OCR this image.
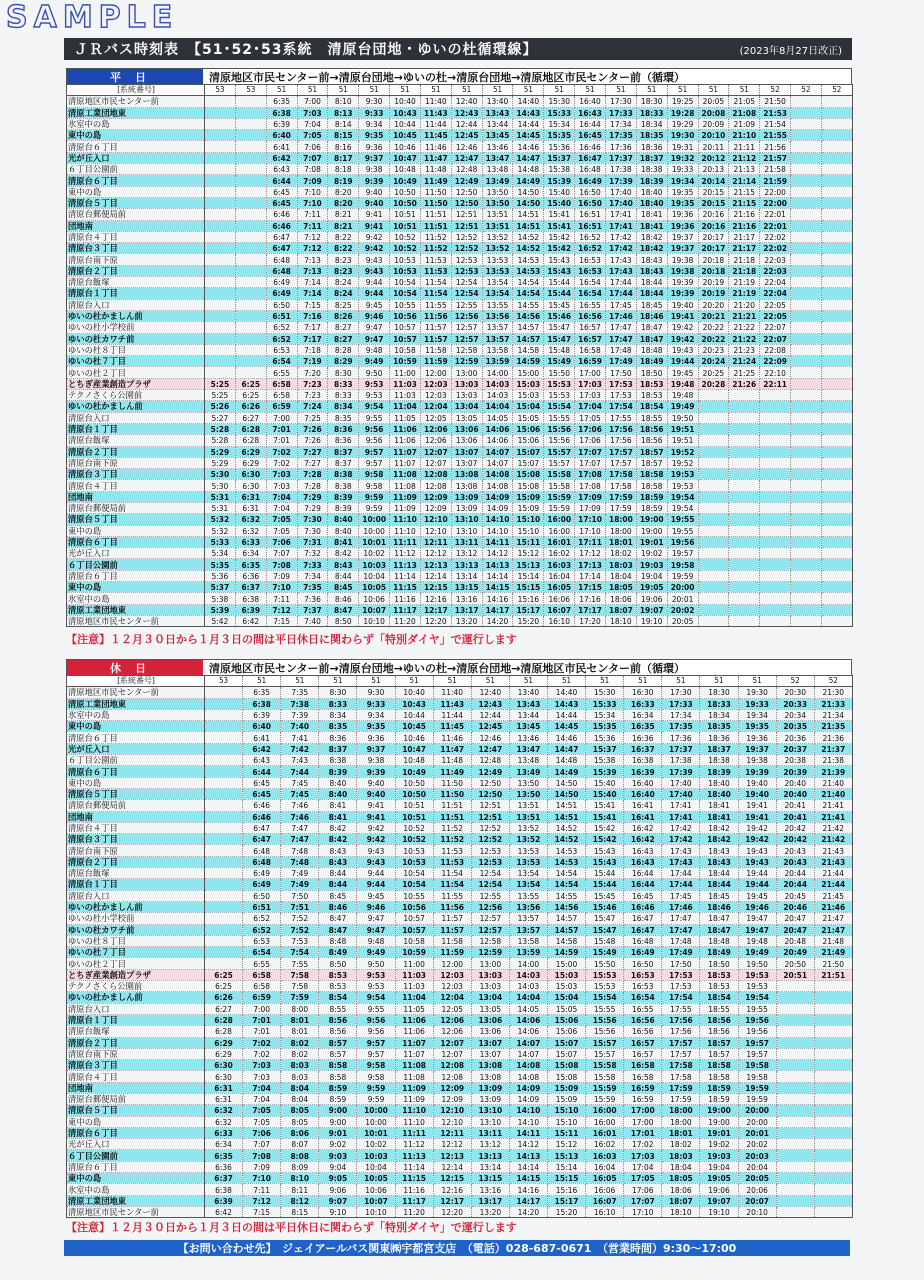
SAMPLE
ＪＲバス時刻表　【51･52･53系統　清原台団地・ゆいの杜循環線】	(2023年8月27日改正)
平日	清原地区市民センター前→清原台団地→ゆいの杜→清原台団地→清原地区市民センター前（循環）
[系統番号]	53	53	51	51	51	51	51	51	51	51	51	51	51	51	51	51	51	51	52	52	52
清原地区市民センター前			6:35	7:00	8:10	9:30	10:40	11:40	12:40	13:40	14:40	15:30	16:40	17:30	18:30	19:25	20:05	21:05	21:50		
清原工業団地東			6:38	7:03	8:13	9:33	10:43	11:43	12:43	13:43	14:43	15:33	16:43	17:33	18:33	19:28	20:08	21:08	21:53		
氷室中の島			6:39	7:04	8:14	9:34	10:44	11:44	12:44	13:44	14:44	15:34	16:44	17:34	18:34	19:29	20:09	21:09	21:54		
東中の島			6:40	7:05	8:15	9:35	10:45	11:45	12:45	13:45	14:45	15:35	16:45	17:35	18:35	19:30	20:10	21:10	21:55		
清原台６丁目			6:41	7:06	8:16	9:36	10:46	11:46	12:46	13:46	14:46	15:36	16:46	17:36	18:36	19:31	20:11	21:11	21:56		
光が丘入口			6:42	7:07	8:17	9:37	10:47	11:47	12:47	13:47	14:47	15:37	16:47	17:37	18:37	19:32	20:12	21:12	21:57		
６丁目公園前			6:43	7:08	8:18	9:38	10:48	11:48	12:48	13:48	14:48	15:38	16:48	17:38	18:38	19:33	20:13	21:13	21:58		
清原台６丁目			6:44	7:09	8:19	9:39	10:49	11:49	12:49	13:49	14:49	15:39	16:49	17:39	18:39	19:34	20:14	21:14	21:59		
東中の島			6:45	7:10	8:20	9:40	10:50	11:50	12:50	13:50	14:50	15:40	16:50	17:40	18:40	19:35	20:15	21:15	22:00		
清原台５丁目			6:45	7:10	8:20	9:40	10:50	11:50	12:50	13:50	14:50	15:40	16:50	17:40	18:40	19:35	20:15	21:15	22:00		
清原台郵便局前			6:46	7:11	8:21	9:41	10:51	11:51	12:51	13:51	14:51	15:41	16:51	17:41	18:41	19:36	20:16	21:16	22:01		
団地南			6:46	7:11	8:21	9:41	10:51	11:51	12:51	13:51	14:51	15:41	16:51	17:41	18:41	19:36	20:16	21:16	22:01		
清原台４丁目			6:47	7:12	8:22	9:42	10:52	11:52	12:52	13:52	14:52	15:42	16:52	17:42	18:42	19:37	20:17	21:17	22:02		
清原台３丁目			6:47	7:12	8:22	9:42	10:52	11:52	12:52	13:52	14:52	15:42	16:52	17:42	18:42	19:37	20:17	21:17	22:02		
清原台南下原			6:48	7:13	8:23	9:43	10:53	11:53	12:53	13:53	14:53	15:43	16:53	17:43	18:43	19:38	20:18	21:18	22:03		
清原台２丁目			6:48	7:13	8:23	9:43	10:53	11:53	12:53	13:53	14:53	15:43	16:53	17:43	18:43	19:38	20:18	21:18	22:03		
清原台飯塚			6:49	7:14	8:24	9:44	10:54	11:54	12:54	13:54	14:54	15:44	16:54	17:44	18:44	19:39	20:19	21:19	22:04		
清原台１丁目			6:49	7:14	8:24	9:44	10:54	11:54	12:54	13:54	14:54	15:44	16:54	17:44	18:44	19:39	20:19	21:19	22:04		
清原台入口			6:50	7:15	8:25	9:45	10:55	11:55	12:55	13:55	14:55	15:45	16:55	17:45	18:45	19:40	20:20	21:20	22:05		
ゆいの杜かましん前			6:51	7:16	8:26	9:46	10:56	11:56	12:56	13:56	14:56	15:46	16:56	17:46	18:46	19:41	20:21	21:21	22:05		
ゆいの杜小学校前			6:52	7:17	8:27	9:47	10:57	11:57	12:57	13:57	14:57	15:47	16:57	17:47	18:47	19:42	20:22	21:22	22:07		
ゆいの杜カワチ前			6:52	7:17	8:27	9:47	10:57	11:57	12:57	13:57	14:57	15:47	16:57	17:47	18:47	19:42	20:22	21:22	22:07		
ゆいの杜８丁目			6:53	7:18	8:28	9:48	10:58	11:58	12:58	13:58	14:58	15:48	16:58	17:48	18:48	19:43	20:23	21:23	22:08		
ゆいの杜７丁目			6:54	7:19	8:29	9:49	10:59	11:59	12:59	13:59	14:59	15:49	16:59	17:49	18:49	19:44	20:24	21:24	22:09		
ゆいの杜２丁目			6:55	7:20	8:30	9:50	11:00	12:00	13:00	14:00	15:00	15:50	17:00	17:50	18:50	19:45	20:25	21:25	22:10		
とちぎ産業創造プラザ	5:25	6:25	6:58	7:23	8:33	9:53	11:03	12:03	13:03	14:03	15:03	15:53	17:03	17:53	18:53	19:48	20:28	21:26	22:11		
テクノさくら公園前	5:25	6:25	6:58	7:23	8:33	9:53	11:03	12:03	13:03	14:03	15:03	15:53	17:03	17:53	18:53	19:48					
ゆいの杜かましん前	5:26	6:26	6:59	7:24	8:34	9:54	11:04	12:04	13:04	14:04	15:04	15:54	17:04	17:54	18:54	19:49					
清原台入口	5:27	6:27	7:00	7:25	8:35	9:55	11:05	12:05	13:05	14:05	15:05	15:55	17:05	17:55	18:55	19:50					
清原台１丁目	5:28	6:28	7:01	7:26	8:36	9:56	11:06	12:06	13:06	14:06	15:06	15:56	17:06	17:56	18:56	19:51					
清原台飯塚	5:28	6:28	7:01	7:26	8:36	9:56	11:06	12:06	13:06	14:06	15:06	15:56	17:06	17:56	18:56	19:51					
清原台２丁目	5:29	6:29	7:02	7:27	8:37	9:57	11:07	12:07	13:07	14:07	15:07	15:57	17:07	17:57	18:57	19:52					
清原台南下原	5:29	6:29	7:02	7:27	8:37	9:57	11:07	12:07	13:07	14:07	15:07	15:57	17:07	17:57	18:57	19:52					
清原台３丁目	5:30	6:30	7:03	7:28	8:38	9:58	11:08	12:08	13:08	14:08	15:08	15:58	17:08	17:58	18:58	19:53					
清原台４丁目	5:30	6:30	7:03	7:28	8:38	9:58	11:08	12:08	13:08	14:08	15:08	15:58	17:08	17:58	18:58	19:53					
団地南	5:31	6:31	7:04	7:29	8:39	9:59	11:09	12:09	13:09	14:09	15:09	15:59	17:09	17:59	18:59	19:54					
清原台郵便局前	5:31	6:31	7:04	7:29	8:39	9:59	11:09	12:09	13:09	14:09	15:09	15:59	17:09	17:59	18:59	19:54					
清原台５丁目	5:32	6:32	7:05	7:30	8:40	10:00	11:10	12:10	13:10	14:10	15:10	16:00	17:10	18:00	19:00	19:55					
東中の島	5:32	6:32	7:05	7:30	8:40	10:00	11:10	12:10	13:10	14:10	15:10	16:00	17:10	18:00	19:00	19:55					
清原台６丁目	5:33	6:33	7:06	7:31	8:41	10:01	11:11	12:11	13:11	14:11	15:11	16:01	17:11	18:01	19:01	19:56					
光が丘入口	5:34	6:34	7:07	7:32	8:42	10:02	11:12	12:12	13:12	14:12	15:12	16:02	17:12	18:02	19:02	19:57					
６丁目公園前	5:35	6:35	7:08	7:33	8:43	10:03	11:13	12:13	13:13	14:13	15:13	16:03	17:13	18:03	19:03	19:58					
清原台６丁目	5:36	6:36	7:09	7:34	8:44	10:04	11:14	12:14	13:14	14:14	15:14	16:04	17:14	18:04	19:04	19:59					
東中の島	5:37	6:37	7:10	7:35	8:45	10:05	11:15	12:15	13:15	14:15	15:15	16:05	17:15	18:05	19:05	20:00					
氷室中の島	5:38	6:38	7:11	7:36	8:46	10:06	11:16	12:16	13:16	14:16	15:16	16:06	17:16	18:06	19:06	20:01					
清原工業団地東	5:39	6:39	7:12	7:37	8:47	10:07	11:17	12:17	13:17	14:17	15:17	16:07	17:17	18:07	19:07	20:02					
清原地区市民センター前	5:42	6:42	7:15	7:40	8:50	10:10	11:20	12:20	13:20	14:20	15:20	16:10	17:20	18:10	19:10	20:05					
【注意】１２月３０日から１月３日の間は平日休日に関わらず「特別ダイヤ」で運行します
休日	清原地区市民センター前→清原台団地→ゆいの杜→清原台団地→清原地区市民センター前（循環）
[系統番号]	53	51	51	51	51	51	51	51	51	51	51	51	51	51	51	52	52
清原地区市民センター前		6:35	7:35	8:30	9:30	10:40	11:40	12:40	13:40	14:40	15:30	16:30	17:30	18:30	19:30	20:30	21:30
清原工業団地東		6:38	7:38	8:33	9:33	10:43	11:43	12:43	13:43	14:43	15:33	16:33	17:33	18:33	19:33	20:33	21:33
氷室中の島		6:39	7:39	8:34	9:34	10:44	11:44	12:44	13:44	14:44	15:34	16:34	17:34	18:34	19:34	20:34	21:34
東中の島		6:40	7:40	8:35	9:35	10:45	11:45	12:45	13:45	14:45	15:35	16:35	17:35	18:35	19:35	20:35	21:35
清原台６丁目		6:41	7:41	8:36	9:36	10:46	11:46	12:46	13:46	14:46	15:36	16:36	17:36	18:36	19:36	20:36	21:36
光が丘入口		6:42	7:42	8:37	9:37	10:47	11:47	12:47	13:47	14:47	15:37	16:37	17:37	18:37	19:37	20:37	21:37
６丁目公園前		6:43	7:43	8:38	9:38	10:48	11:48	12:48	13:48	14:48	15:38	16:38	17:38	18:38	19:38	20:38	21:38
清原台６丁目		6:44	7:44	8:39	9:39	10:49	11:49	12:49	13:49	14:49	15:39	16:39	17:39	18:39	19:39	20:39	21:39
東中の島		6:45	7:45	8:40	9:40	10:50	11:50	12:50	13:50	14:50	15:40	16:40	17:40	18:40	19:40	20:40	21:40
清原台５丁目		6:45	7:45	8:40	9:40	10:50	11:50	12:50	13:50	14:50	15:40	16:40	17:40	18:40	19:40	20:40	21:40
清原台郵便局前		6:46	7:46	8:41	9:41	10:51	11:51	12:51	13:51	14:51	15:41	16:41	17:41	18:41	19:41	20:41	21:41
団地南		6:46	7:46	8:41	9:41	10:51	11:51	12:51	13:51	14:51	15:41	16:41	17:41	18:41	19:41	20:41	21:41
清原台４丁目		6:47	7:47	8:42	9:42	10:52	11:52	12:52	13:52	14:52	15:42	16:42	17:42	18:42	19:42	20:42	21:42
清原台３丁目		6:47	7:47	8:42	9:42	10:52	11:52	12:52	13:52	14:52	15:42	16:42	17:42	18:42	19:42	20:42	21:42
清原台南下原		6:48	7:48	8:43	9:43	10:53	11:53	12:53	13:53	14:53	15:43	16:43	17:43	18:43	19:43	20:43	21:43
清原台２丁目		6:48	7:48	8:43	9:43	10:53	11:53	12:53	13:53	14:53	15:43	16:43	17:43	18:43	19:43	20:43	21:43
清原台飯塚		6:49	7:49	8:44	9:44	10:54	11:54	12:54	13:54	14:54	15:44	16:44	17:44	18:44	19:44	20:44	21:44
清原台１丁目		6:49	7:49	8:44	9:44	10:54	11:54	12:54	13:54	14:54	15:44	16:44	17:44	18:44	19:44	20:44	21:44
清原台入口		6:50	7:50	8:45	9:45	10:55	11:55	12:55	13:55	14:55	15:45	16:45	17:45	18:45	19:45	20:45	21:45
ゆいの杜かましん前		6:51	7:51	8:46	9:46	10:56	11:56	12:56	13:56	14:56	15:46	16:46	17:46	18:46	19:46	20:46	21:46
ゆいの杜小学校前		6:52	7:52	8:47	9:47	10:57	11:57	12:57	13:57	14:57	15:47	16:47	17:47	18:47	19:47	20:47	21:47
ゆいの杜カワチ前		6:52	7:52	8:47	9:47	10:57	11:57	12:57	13:57	14:57	15:47	16:47	17:47	18:47	19:47	20:47	21:47
ゆいの杜８丁目		6:53	7:53	8:48	9:48	10:58	11:58	12:58	13:58	14:58	15:48	16:48	17:48	18:48	19:48	20:48	21:48
ゆいの杜７丁目		6:54	7:54	8:49	9:49	10:59	11:59	12:59	13:59	14:59	15:49	16:49	17:49	18:49	19:49	20:49	21:49
ゆいの杜２丁目		6:55	7:55	8:50	9:50	11:00	12:00	13:00	14:00	15:00	15:50	16:50	17:50	18:50	19:50	20:50	21:50
とちぎ産業創造プラザ	6:25	6:58	7:58	8:53	9:53	11:03	12:03	13:03	14:03	15:03	15:53	16:53	17:53	18:53	19:53	20:51	21:51
テクノさくら公園前	6:25	6:58	7:58	8:53	9:53	11:03	12:03	13:03	14:03	15:03	15:53	16:53	17:53	18:53	19:53		
ゆいの杜かましん前	6:26	6:59	7:59	8:54	9:54	11:04	12:04	13:04	14:04	15:04	15:54	16:54	17:54	18:54	19:54		
清原台入口	6:27	7:00	8:00	8:55	9:55	11:05	12:05	13:05	14:05	15:05	15:55	16:55	17:55	18:55	19:55		
清原台１丁目	6:28	7:01	8:01	8:56	9:56	11:06	12:06	13:06	14:06	15:06	15:56	16:56	17:56	18:56	19:56		
清原台飯塚	6:28	7:01	8:01	8:56	9:56	11:06	12:06	13:06	14:06	15:06	15:56	16:56	17:56	18:56	19:56		
清原台２丁目	6:29	7:02	8:02	8:57	9:57	11:07	12:07	13:07	14:07	15:07	15:57	16:57	17:57	18:57	19:57		
清原台南下原	6:29	7:02	8:02	8:57	9:57	11:07	12:07	13:07	14:07	15:07	15:57	16:57	17:57	18:57	19:57		
清原台３丁目	6:30	7:03	8:03	8:58	9:58	11:08	12:08	13:08	14:08	15:08	15:58	16:58	17:58	18:58	19:58		
清原台４丁目	6:30	7:03	8:03	8:58	9:58	11:08	12:08	13:08	14:08	15:08	15:58	16:58	17:58	18:58	19:58		
団地南	6:31	7:04	8:04	8:59	9:59	11:09	12:09	13:09	14:09	15:09	15:59	16:59	17:59	18:59	19:59		
清原台郵便局前	6:31	7:04	8:04	8:59	9:59	11:09	12:09	13:09	14:09	15:09	15:59	16:59	17:59	18:59	19:59		
清原台５丁目	6:32	7:05	8:05	9:00	10:00	11:10	12:10	13:10	14:10	15:10	16:00	17:00	18:00	19:00	20:00		
東中の島	6:32	7:05	8:05	9:00	10:00	11:10	12:10	13:10	14:10	15:10	16:00	17:00	18:00	19:00	20:00		
清原台６丁目	6:33	7:06	8:06	9:01	10:01	11:11	12:11	13:11	14:11	15:11	16:01	17:01	18:01	19:01	20:01		
光が丘入口	6:34	7:07	8:07	9:02	10:02	11:12	12:12	13:12	14:12	15:12	16:02	17:02	18:02	19:02	20:02		
６丁目公園前	6:35	7:08	8:08	9:03	10:03	11:13	12:13	13:13	14:13	15:13	16:03	17:03	18:03	19:03	20:03		
清原台６丁目	6:36	7:09	8:09	9:04	10:04	11:14	12:14	13:14	14:14	15:14	16:04	17:04	18:04	19:04	20:04		
東中の島	6:37	7:10	8:10	9:05	10:05	11:15	12:15	13:15	14:15	15:15	16:05	17:05	18:05	19:05	20:05		
氷室中の島	6:38	7:11	8:11	9:06	10:06	11:16	12:16	13:16	14:16	15:16	16:06	17:06	18:06	19:06	20:06		
清原工業団地東	6:39	7:12	8:12	9:07	10:07	11:17	12:17	13:17	14:17	15:17	16:07	17:07	18:07	19:07	20:07		
清原地区市民センター前	6:42	7:15	8:15	9:10	10:10	11:20	12:20	13:20	14:20	15:20	16:10	17:10	18:10	19:10	20:10		
【注意】１２月３０日から１月３日の間は平日休日に関わらず「特別ダイヤ」で運行します
【お問い合わせ先】　ジェイアールバス関東㈱宇都宮支店　（電話）028-687-0671　（営業時間）9:30～17:00
